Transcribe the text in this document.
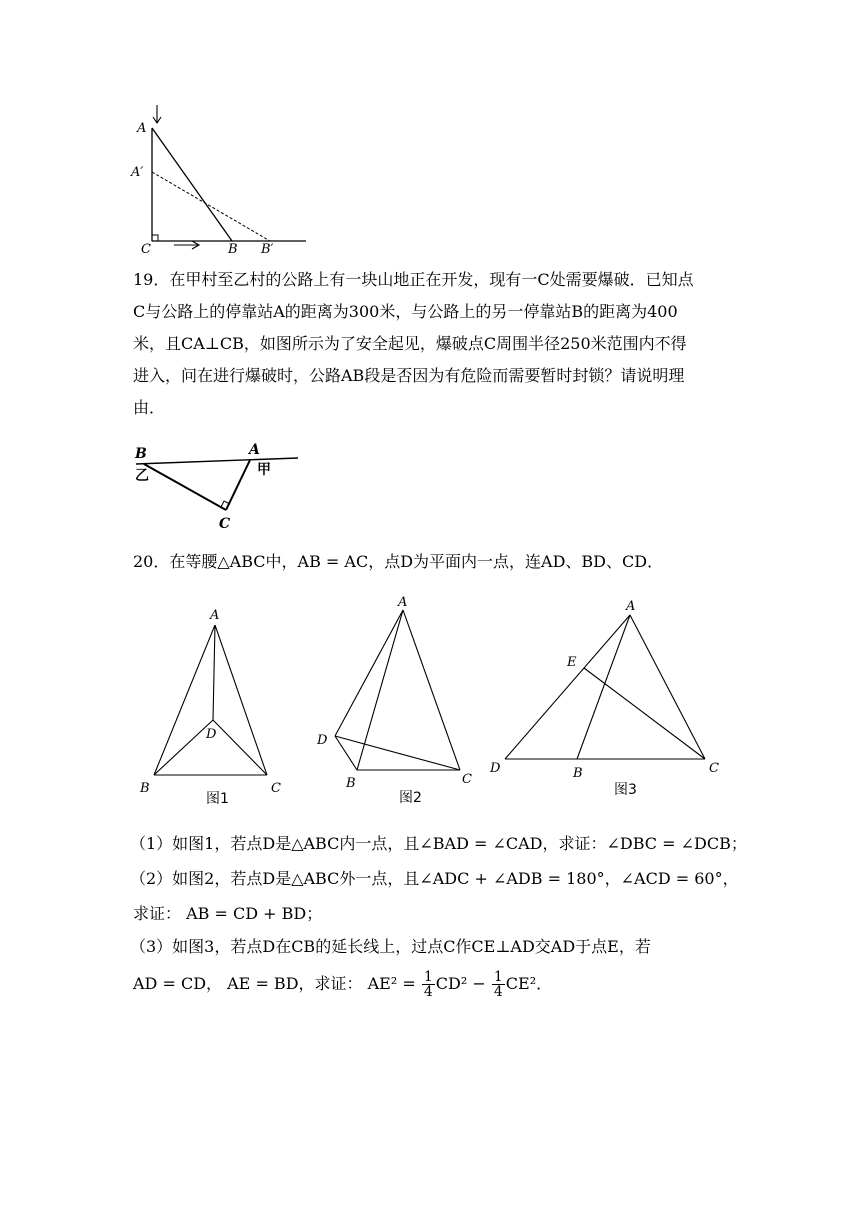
A
A′
C	B B′
19．在甲村至乙村的公路上有一块山地正在开发，现有一C处需要爆破．已知点
C与公路上的停靠站A的距离为300米，与公路上的另一停靠站B的距离为400
米，且CA⊥CB，如图所示为了安全起见，爆破点C周围半径250米范围内不得
进入，问在进行爆破时，公路AB段是否因为有危险而需要暂时封锁？请说明理
由．
B	A
C
乙	甲
20．在等腰△ABC中，AB = AC，点D为平面内一点，连AD、BD、CD．
A
D
B	C
图1
A
D
B	C
图2
A
E
D	B	C
图3
（1）如图1，若点D是△ABC内一点，且∠BAD = ∠CAD，求证：∠DBC = ∠DCB；
（2）如图2，若点D是△ABC外一点，且∠ADC + ∠ADB = 180°，∠ACD = 60°，
求证： AB = CD + BD；
（3）如图3，若点D在CB的延长线上，过点C作CE⊥AD交AD于点E，若
AD = CD， AE = BD，求证： $AE^2 = \frac{1}{4} CD^2 - \frac{1}{4} CE^2$．
